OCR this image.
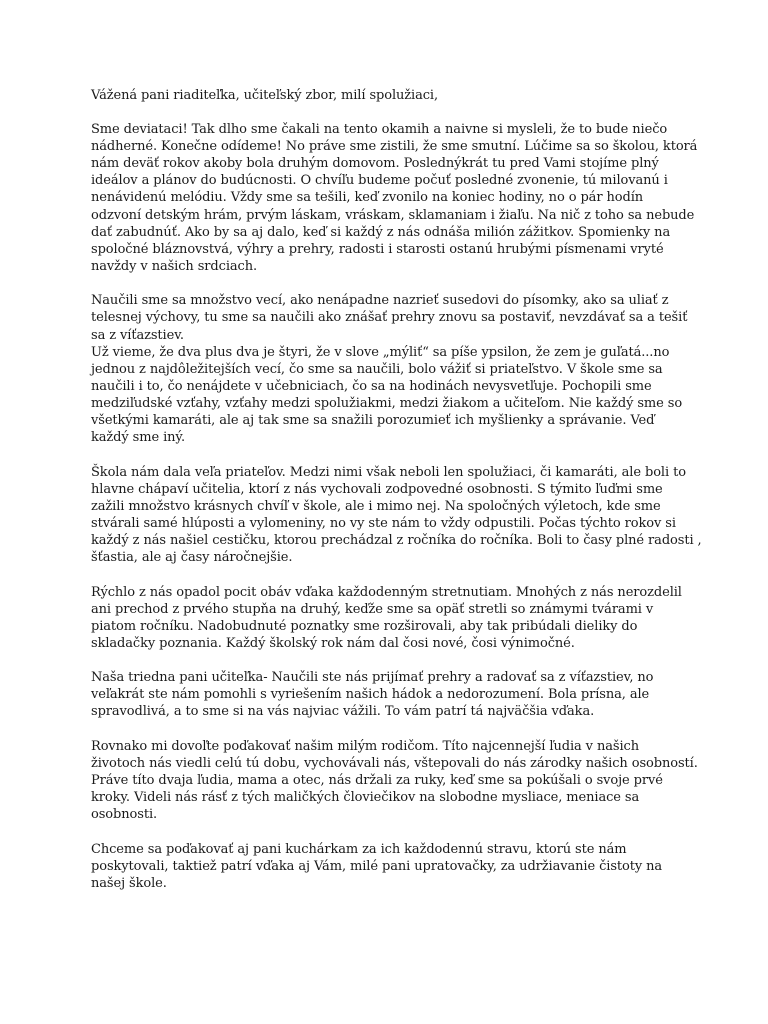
Vážená pani riaditeľka, učiteľský zbor, milí spolužiaci,

Sme deviataci! Tak dlho sme čakali na tento okamih a naivne si mysleli, že to bude niečo
nádherné. Konečne odídeme! No práve sme zistili, že sme smutní. Lúčime sa so školou, ktorá
nám deväť rokov akoby bola druhým domovom. Poslednýkrát tu pred Vami stojíme plný
ideálov a plánov do budúcnosti. O chvíľu budeme počuť posledné zvonenie, tú milovanú i
nenávidenú melódiu. Vždy sme sa tešili, keď zvonilo na koniec hodiny, no o pár hodín
odzvoní detským hrám, prvým láskam, vráskam, sklamaniam i žiaľu. Na nič z toho sa nebude
dať zabudnúť. Ako by sa aj dalo, keď si každý z nás odnáša milión zážitkov. Spomienky na
spoločné bláznovstvá, výhry a prehry, radosti i starosti ostanú hrubými písmenami vryté
navždy v našich srdciach.

Naučili sme sa množstvo vecí, ako nenápadne nazrieť susedovi do písomky, ako sa uliať z
telesnej výchovy, tu sme sa naučili ako znášať prehry znovu sa postaviť, nevzdávať sa a tešiť
sa z víťazstiev.
Už vieme, že dva plus dva je štyri, že v slove „mýliť“ sa píše ypsilon, že zem je guľatá...no
jednou z najdôležitejších vecí, čo sme sa naučili, bolo vážiť si priateľstvo. V škole sme sa
naučili i to, čo nenájdete v učebniciach, čo sa na hodinách nevysvetľuje. Pochopili sme
medziľudské vzťahy, vzťahy medzi spolužiakmi, medzi žiakom a učiteľom. Nie každý sme so
všetkými kamaráti, ale aj tak sme sa snažili porozumieť ich myšlienky a správanie. Veď
každý sme iný.

Škola nám dala veľa priateľov. Medzi nimi však neboli len spolužiaci, či kamaráti, ale boli to
hlavne chápaví učitelia, ktorí z nás vychovali zodpovedné osobnosti. S týmito ľuďmi sme
zažili množstvo krásnych chvíľ v škole, ale i mimo nej. Na spoločných výletoch, kde sme
stvárali samé hlúposti a vylomeniny, no vy ste nám to vždy odpustili. Počas týchto rokov si
každý z nás našiel cestičku, ktorou prechádzal z ročníka do ročníka. Boli to časy plné radosti ,
šťastia, ale aj časy náročnejšie.

Rýchlo z nás opadol pocit obáv vďaka každodenným stretnutiam. Mnohých z nás nerozdelil
ani prechod z prvého stupňa na druhý, keďže sme sa opäť stretli so známymi tvárami v
piatom ročníku. Nadobudnuté poznatky sme rozširovali, aby tak pribúdali dieliky do
skladačky poznania. Každý školský rok nám dal čosi nové, čosi výnimočné.

Naša triedna pani učiteľka- Naučili ste nás prijímať prehry a radovať sa z víťazstiev, no
veľakrát ste nám pomohli s vyriešením našich hádok a nedorozumení. Bola prísna, ale
spravodlivá, a to sme si na vás najviac vážili. To vám patrí tá najväčšia vďaka.

Rovnako mi dovoľte poďakovať našim milým rodičom. Títo najcennejší ľudia v našich
životoch nás viedli celú tú dobu, vychovávali nás, vštepovali do nás zárodky našich osobností.
Práve títo dvaja ľudia, mama a otec, nás držali za ruky, keď sme sa pokúšali o svoje prvé
kroky. Videli nás rásť z tých maličkých človiečikov na slobodne mysliace, meniace sa
osobnosti.

Chceme sa poďakovať aj pani kuchárkam za ich každodennú stravu, ktorú ste nám
poskytovali, taktiež patrí vďaka aj Vám, milé pani upratovačky, za udržiavanie čistoty na
našej škole.
